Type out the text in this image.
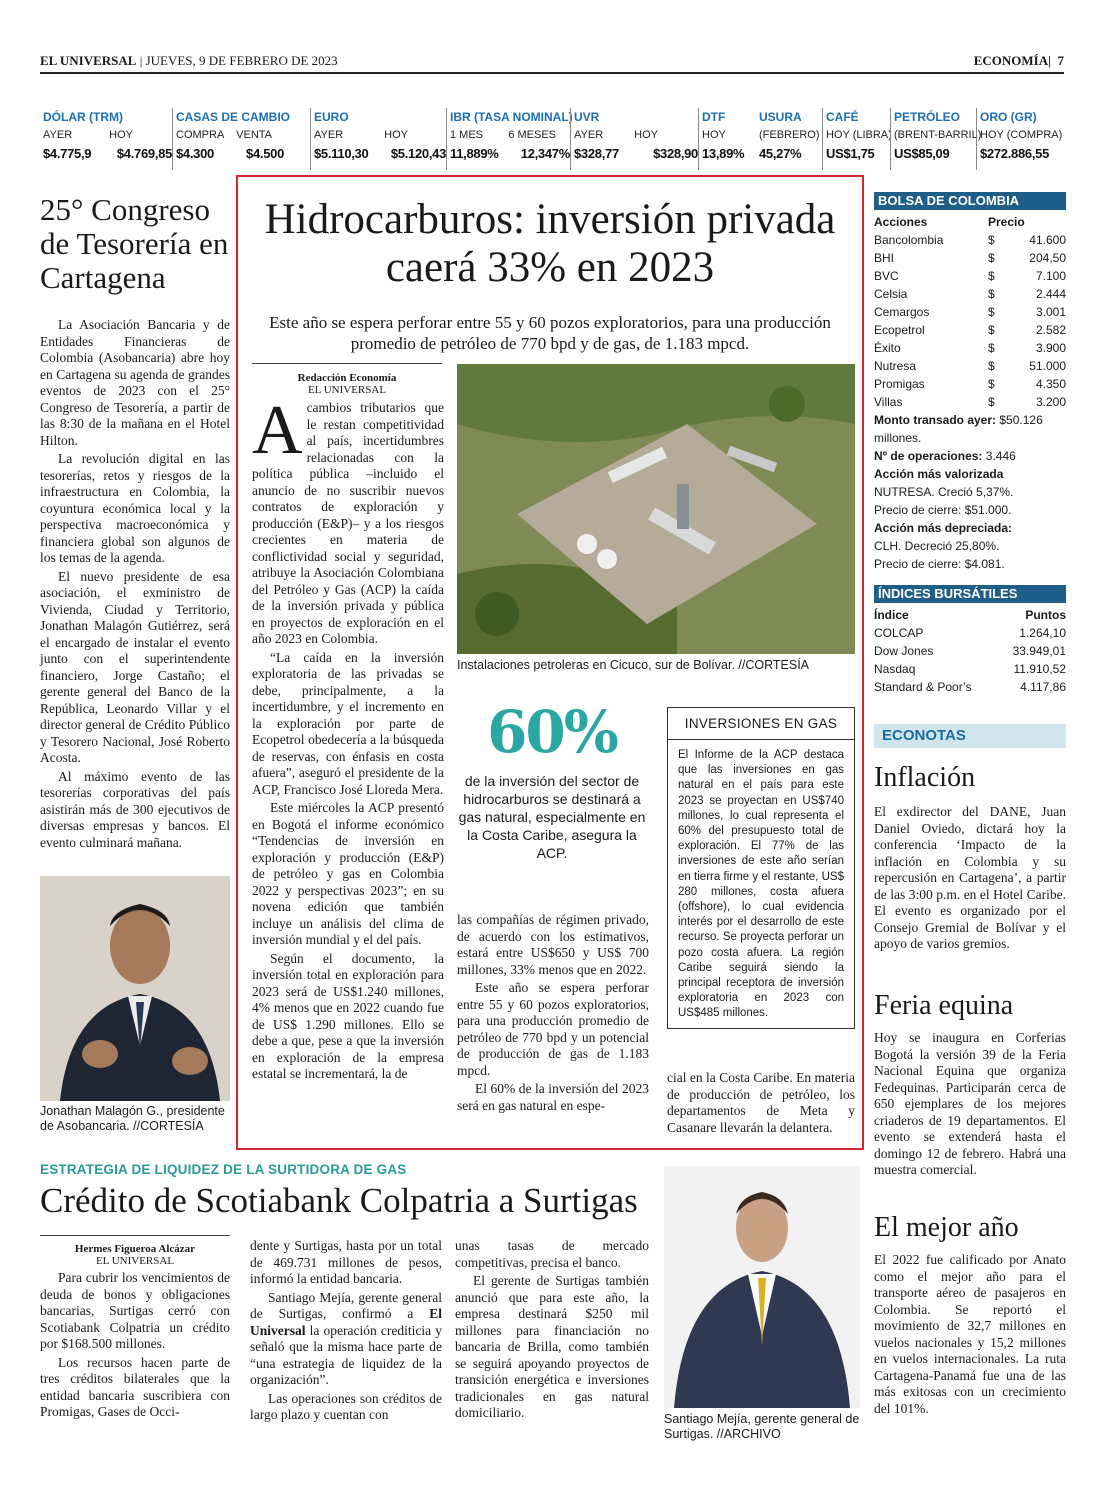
EL UNIVERSAL | JUEVES, 9 DE FEBRERO DE 2023	ECONOMÍA|  7
DÓLAR (TRM)
AYER	HOY
$4.775,9 $4.769,85
CASAS DE CAMBIO
COMPRA VENTA
$4.300 $4.500
EURO
AYER	HOY
$5.110,30 $5.120,43
IBR (TASA NOMINAL)
1 MES 6 MESES
11,889% 12,347%
UVR
AYER	HOY
$328,77	$328,90
DTF
HOY
13,89%
USURA
(FEBRERO)
45,27%
CAFÉ
HOY (LIBRA)
US$1,75
PETRÓLEO
(BRENT-BARRIL)
US$85,09
ORO (GR)
HOY (COMPRA)
$272.886,55
25° Congreso de Tesorería en Cartagena

La Asociación Bancaria y de Entidades Financieras de Colombia (Asobancaria) abre hoy en Cartagena su agenda de grandes eventos de 2023 con el 25° Congreso de Tesorería, a partir de las 8:30 de la mañana en el Hotel Hilton.

La revolución digital en las tesorerías, retos y riesgos de la infraestructura en Colombia, la coyuntura económica local y la perspectiva macroeconómica y financiera global son algunos de los temas de la agenda.

El nuevo presidente de esa asociación, el exministro de Vivienda, Ciudad y Territorio, Jonathan Malagón Gutiérrez, será el encargado de instalar el evento junto con el superintendente financiero, Jorge Castaño; el gerente general del Banco de la República, Leonardo Villar y el director general de Crédito Público y Tesorero Nacional, José Roberto Acosta.

Al máximo evento de las tesorerías corporativas del país asistirán más de 300 ejecutivos de diversas empresas y bancos. El evento culminará mañana.

Jonathan Malagón G., presidente de Asobancaria. //CORTESÍA
Hidrocarburos: inversión privada caerá 33% en 2023
Este año se espera perforar entre 55 y 60 pozos exploratorios, para una producción promedio de petróleo de 770 bpd y de gas, de 1.183 mpcd.
Redacción Economía
EL UNIVERSAL
A cambios tributarios que le restan competitividad al país, incertidumbres relacionadas con la política pública –incluido el anuncio de no suscribir nuevos contratos de exploración y producción (E&P)– y a los riesgos crecientes en materia de conflictividad social y seguridad, atribuye la Asociación Colombiana del Petróleo y Gas (ACP) la caída de la inversión privada y pública en proyectos de exploración en el año 2023 en Colombia.

“La caída en la inversión exploratoria de las privadas se debe, principalmente, a la incertidumbre, y el incremento en la exploración por parte de Ecopetrol obedecería a la búsqueda de reservas, con énfasis en costa afuera”, aseguró el presidente de la ACP, Francisco José Lloreda Mera.

Este miércoles la ACP presentó en Bogotá el informe económico “Tendencias de inversión en exploración y producción (E&P) de petróleo y gas en Colombia 2022 y perspectivas 2023”; en su novena edición que también incluye un análisis del clima de inversión mundial y el del país.

Según el documento, la inversión total en exploración para 2023 será de US$1.240 millones, 4% menos que en 2022 cuando fue de US$ 1.290 millones. Ello se debe a que, pese a que la inversión en exploración de la empresa estatal se incrementará, la de

Instalaciones petroleras en Cicuco, sur de Bolívar. //CORTESÍA
60%
de la inversión del sector de hidrocarburos se destinará a gas natural, especialmente en la Costa Caribe, asegura la ACP.

las compañías de régimen privado, de acuerdo con los estimativos, estará entre US$650 y US$ 700 millones, 33% menos que en 2022.

Este año se espera perforar entre 55 y 60 pozos exploratorios, para una producción promedio de petróleo de 770 bpd y un potencial de producción de gas de 1.183 mpcd.

El 60% de la inversión del 2023 será en gas natural en espe-

INVERSIONES EN GAS
El Informe de la ACP destaca que las inversiones en gas natural en el país para este 2023 se proyectan en US$740 millones, lo cual representa el 60% del presupuesto total de exploración. El 77% de las inversiones de este año serían en tierra firme y el restante, US$ 280 millones, costa afuera (offshore), lo cual evidencia interés por el desarrollo de este recurso. Se proyecta perforar un pozo costa afuera. La región Caribe seguirá siendo la principal receptora de inversión exploratoria en 2023 con US$485 millones.

cial en la Costa Caribe. En materia de producción de petróleo, los departamentos de Meta y Casanare llevarán la delantera.

BOLSA DE COLOMBIA
Acciones	Precio
Bancolombia	$	41.600
BHI	$	204,50
BVC	$	7.100
Celsia	$	2.444
Cemargos	$	3.001
Ecopetrol	$	2.582
Éxito	$	3.900
Nutresa	$	51.000
Promigas	$	4.350
Villas	$	3.200
Monto transado ayer: $50.126 millones.
Nº de operaciones: 3.446
Acción más valorizada
NUTRESA. Creció 5,37%.
Precio de cierre: $51.000.
Acción más depreciada:
CLH. Decreció 25,80%.
Precio de cierre: $4.081.
ÍNDICES BURSÁTILES
Índice	Puntos
COLCAP	1.264,10
Dow Jones	33.949,01
Nasdaq	11.910,52
Standard & Poor’s	4.117,86
ECONOTAS
Inflación
El exdirector del DANE, Juan Daniel Oviedo, dictará hoy la conferencia ‘Impacto de la inflación en Colombia y su repercusión en Cartagena’, a partir de las 3:00 p.m. en el Hotel Caribe. El evento es organizado por el Consejo Gremial de Bolívar y el apoyo de varios gremios.
Feria equina
Hoy se inaugura en Corferias Bogotá la versión 39 de la Feria Nacional Equina que organiza Fedequinas. Participarán cerca de 650 ejemplares de los mejores criaderos de 19 departamentos. El evento se extenderá hasta el domingo 12 de febrero. Habrá una muestra comercial.
El mejor año
El 2022 fue calificado por Anato como el mejor año para el transporte aéreo de pasajeros en Colombia. Se reportó el movimiento de 32,7 millones en vuelos nacionales y 15,2 millones en vuelos internacionales. La ruta Cartagena-Panamá fue una de las más exitosas con un crecimiento del 101%.
ESTRATEGIA DE LIQUIDEZ DE LA SURTIDORA DE GAS
Crédito de Scotiabank Colpatria a Surtigas
Hermes Figueroa Alcázar
EL UNIVERSAL

Para cubrir los vencimientos de deuda de bonos y obligaciones bancarias, Surtigas cerró con Scotiabank Colpatria un crédito por $168.500 millones.

Los recursos hacen parte de tres créditos bilaterales que la entidad bancaria suscribiera con Promigas, Gases de Occi-

dente y Surtigas, hasta por un total de 469.731 millones de pesos, informó la entidad bancaria.

Santiago Mejía, gerente general de Surtigas, confirmó a El Universal la operación crediticia y señaló que la misma hace parte de “una estrategia de liquidez de la organización”.

Las operaciones son créditos de largo plazo y cuentan con

unas tasas de mercado competitivas, precisa el banco.

El gerente de Surtigas también anunció que para este año, la empresa destinará $250 mil millones para financiación no bancaria de Brilla, como también se seguirá apoyando proyectos de transición energética e inversiones tradicionales en gas natural domiciliario.	Santiago Mejía, gerente general de Surtigas. //ARCHIVO
